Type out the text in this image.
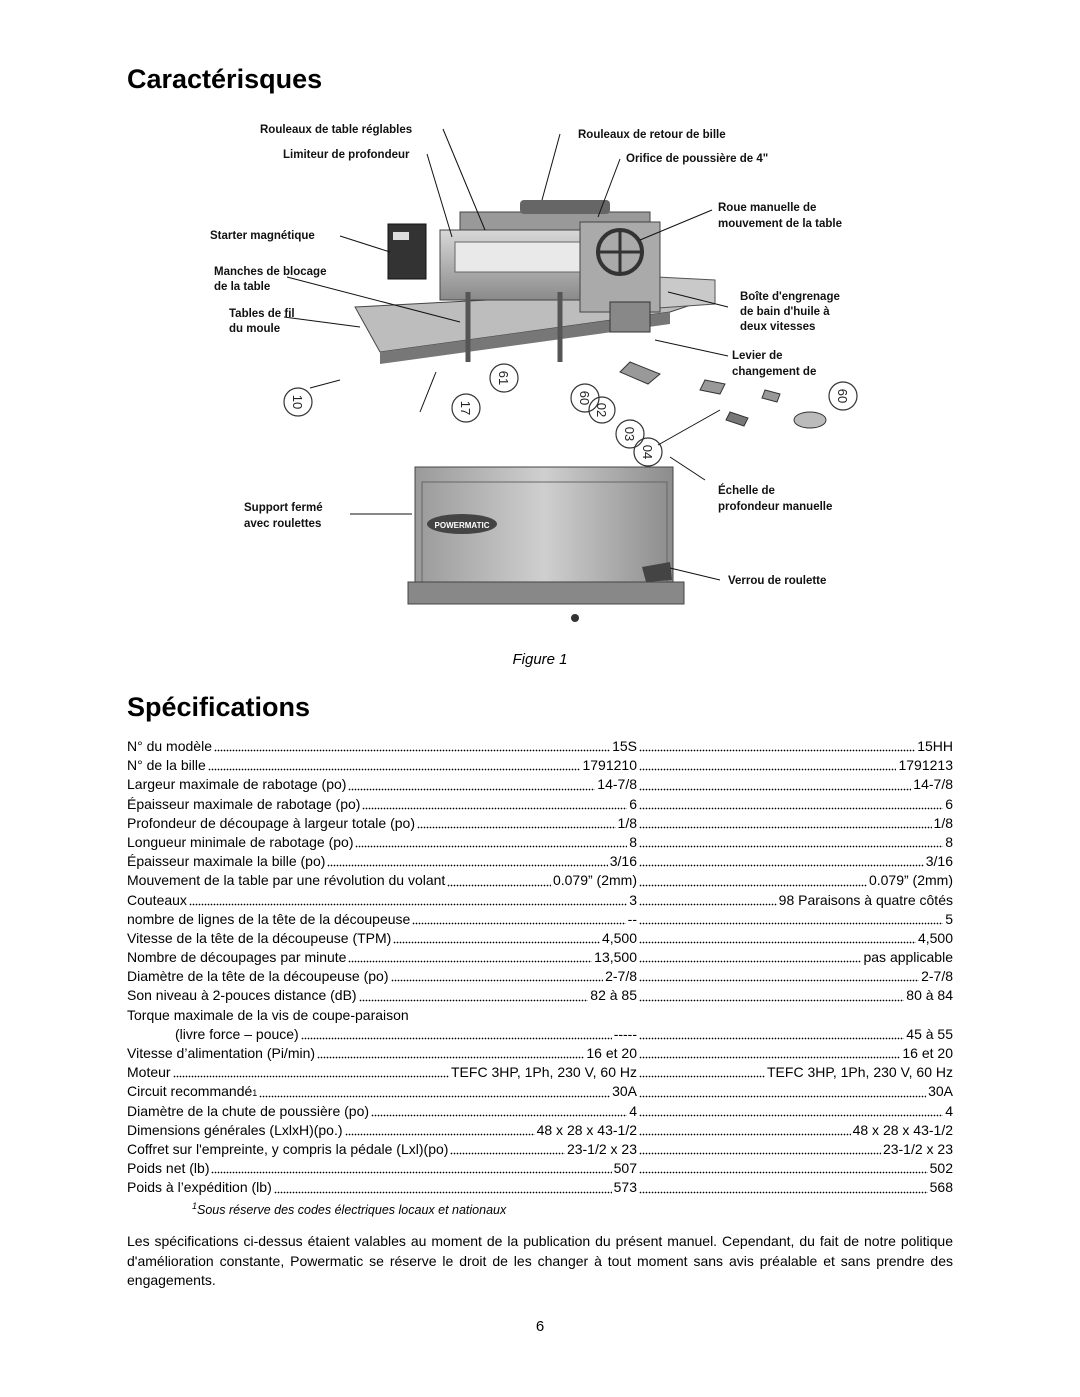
Caractérisques
POWERMATIC
10	17
61
60
02
03
04
60
Rouleaux de table réglables
Limiteur de profondeur
Starter magnétique
Manches de blocage
de la table
Tables de fil
du moule
Rouleaux de retour de bille
Orifice de poussière de 4"
Roue manuelle de
mouvement de la table
Boîte d'engrenage
de bain d'huile à
deux vitesses
Levier de
changement de
Support fermé
avec roulettes
Échelle de
profondeur manuelle
Verrou de roulette
Figure 1
Spécifications
N° du modèle	15S	15HH
N° de la bille	1791210	1791213
Largeur maximale de rabotage (po)	14-7/8	14-7/8
Épaisseur maximale de rabotage (po)	6	6
Profondeur de découpage à largeur totale (po)	1/8	1/8
Longueur minimale de rabotage (po)	8	8
Épaisseur maximale la bille (po)	3/16	3/16
Mouvement de la table par une révolution du volant	0.079” (2mm)	0.079” (2mm)
Couteaux	3	98 Paraisons à quatre côtés
nombre de lignes de la tête de la découpeuse	--	5
Vitesse de la tête de la découpeuse (TPM)	4,500	4,500
Nombre de découpages par minute	13,500	pas applicable
Diamètre de la tête de la découpeuse (po)	2-7/8	2-7/8
Son niveau à 2-pouces distance (dB)	82 à 85	80 à 84
Torque maximale de la vis de coupe-paraison
(livre force – pouce)	-----	45 à 55
Vitesse d’alimentation (Pi/min)	16 et 20	16 et 20
Moteur	TEFC 3HP, 1Ph, 230 V, 60 Hz	TEFC 3HP, 1Ph, 230 V, 60 Hz
Circuit recommandé 1	30A	30A
Diamètre de la chute de poussière (po)	4	4
Dimensions générales (LxlxH)(po.)	48 x 28 x 43-1/2	48 x 28 x 43-1/2
Coffret sur l'empreinte, y compris la pédale (Lxl)(po)	23-1/2 x 23	23-1/2 x 23
Poids net (lb)	507	502
Poids à l’expédition (lb)	573	568
$^1$Sous réserve des codes électriques locaux et nationaux
Les spécifications ci-dessus étaient valables au moment de la publication du présent manuel. Cependant, du fait de notre politique d'amélioration constante, Powermatic se réserve le droit de les changer à tout moment sans avis préalable et sans prendre des engagements.
6
